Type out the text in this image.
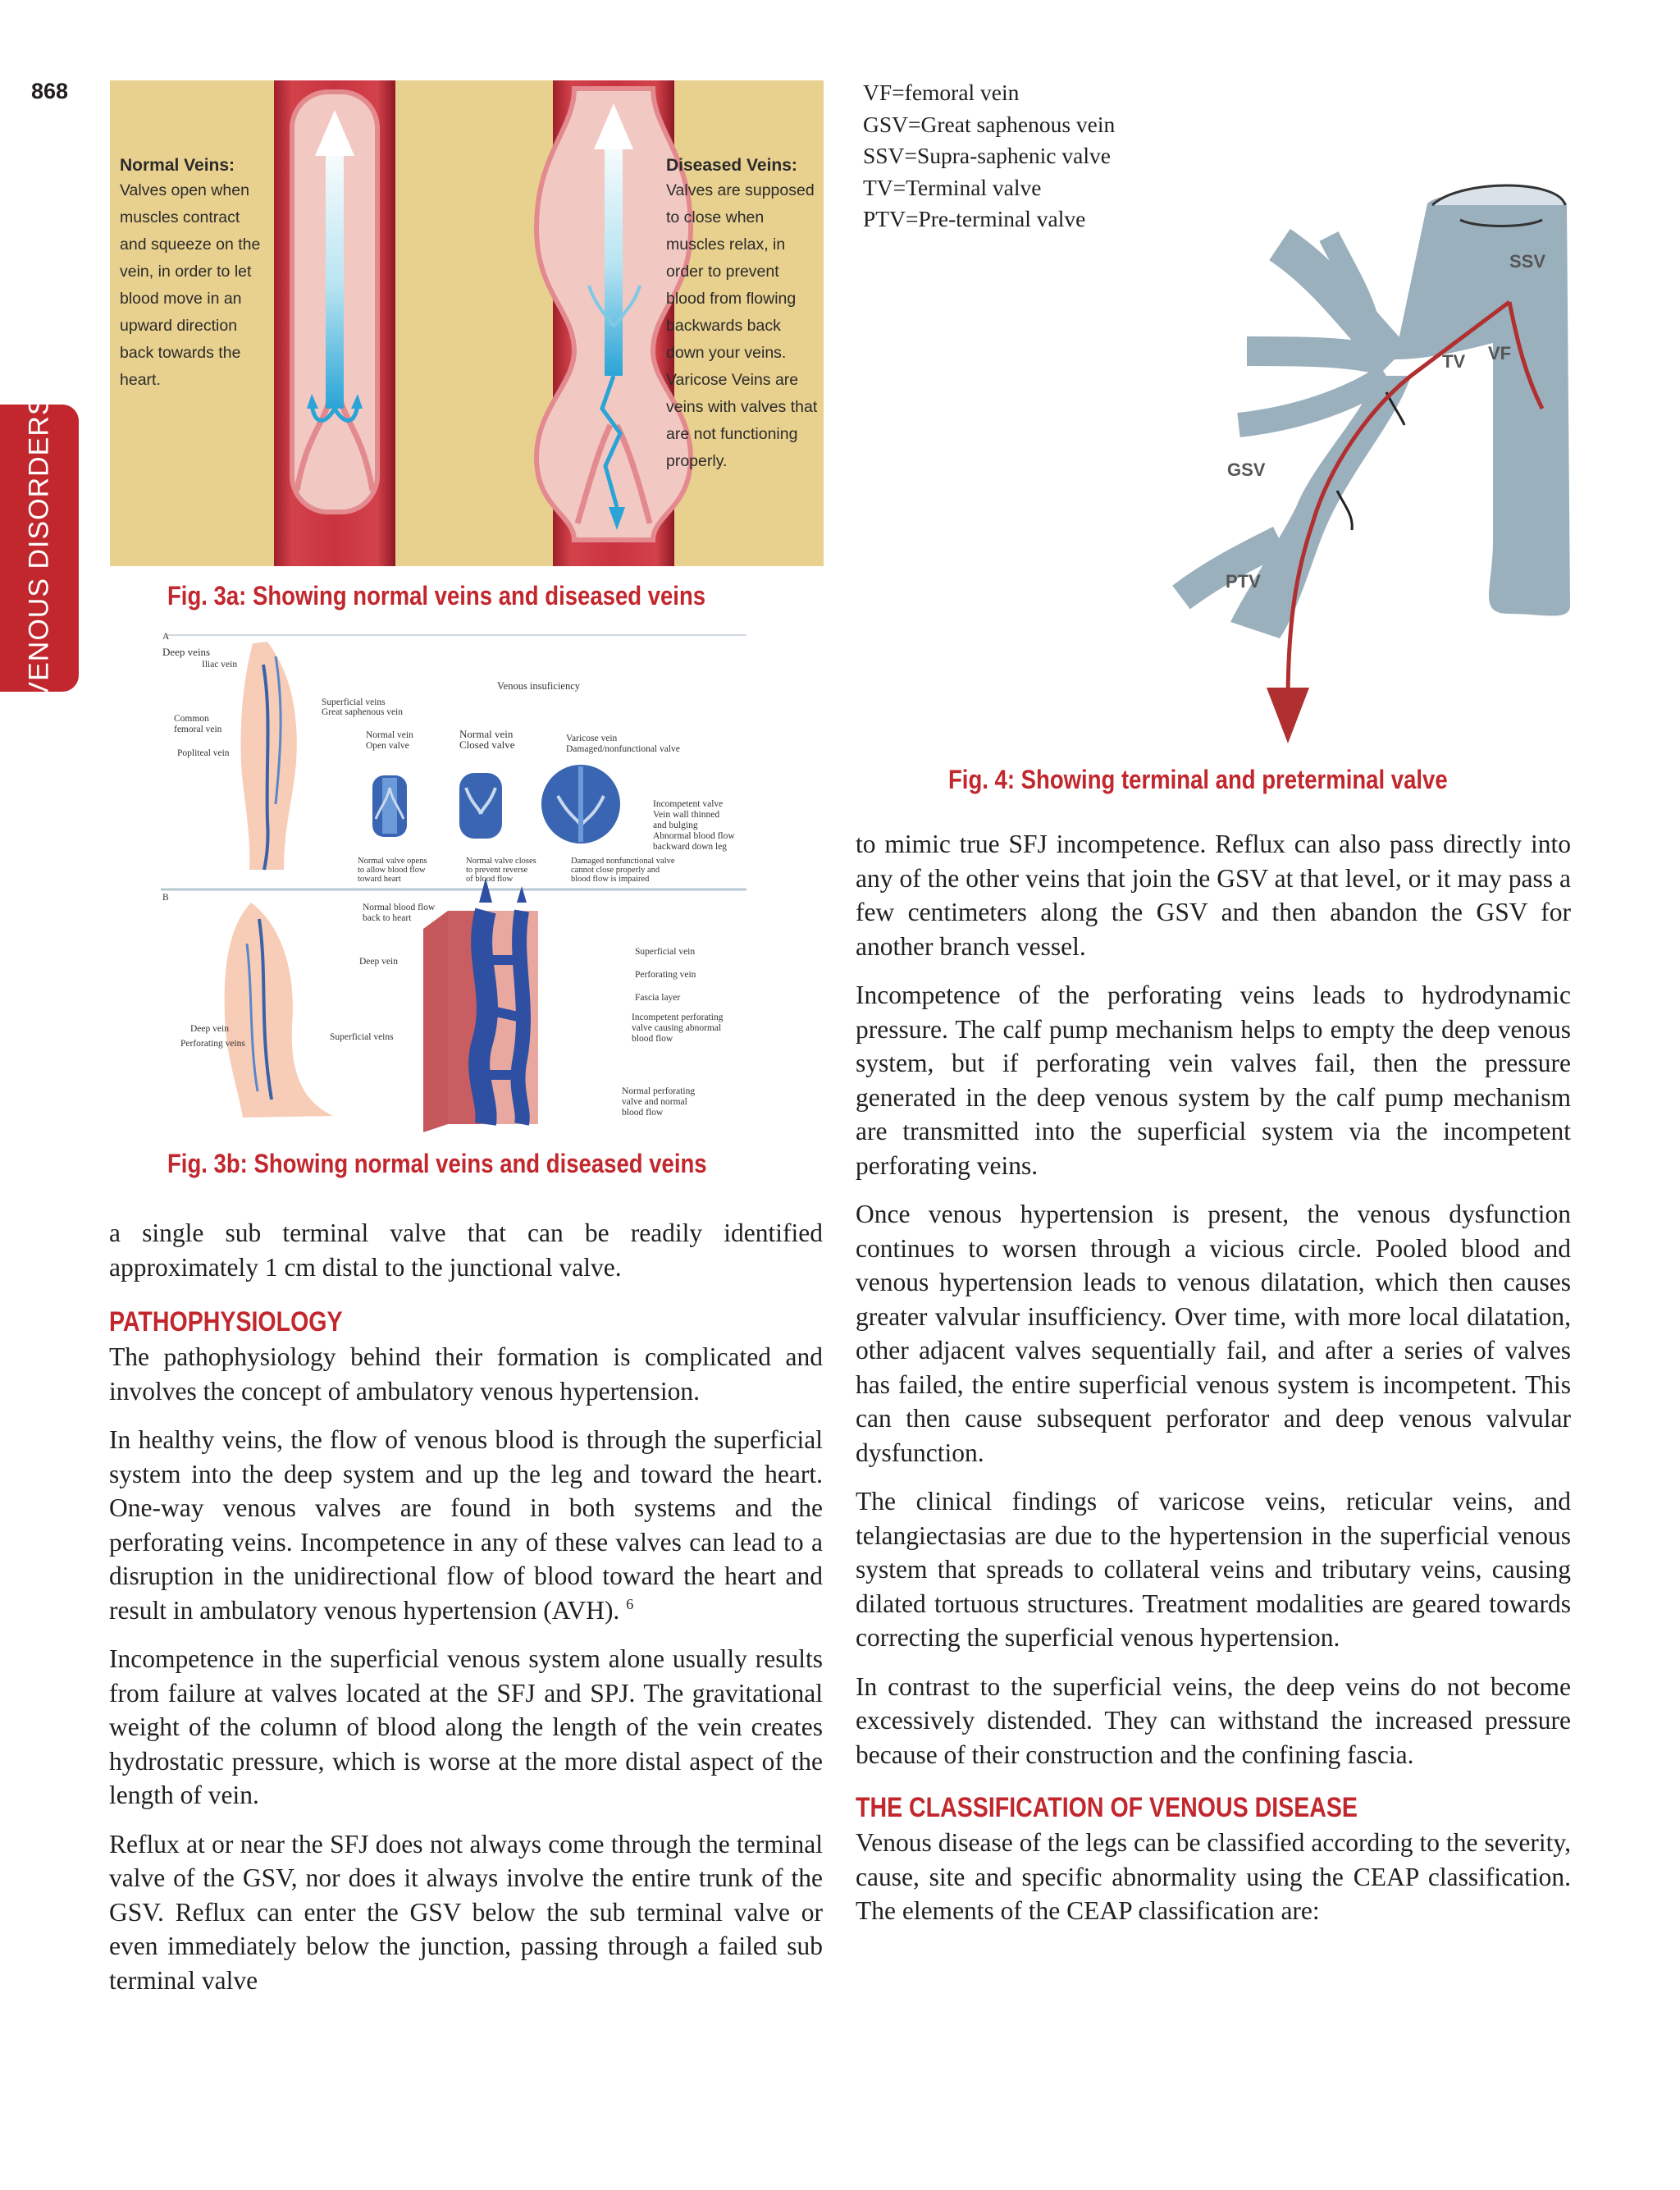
868
VENOUS DISORDERS
Normal Veins:
Valves open when
muscles contract
and squeeze on the
vein, in order to let
blood move in an
upward direction
back towards the
heart.
Diseased Veins:
Valves are supposed
to close when
muscles relax, in
order to prevent
blood from flowing
backwards back
down your veins.
Varicose Veins are
veins with valves that
are not functioning
properly.
Fig. 3a: Showing normal veins and diseased veins
A
Deep veins
Iliac vein
Venous insuficiency
Superficial veins
Great saphenous vein
Common
femoral vein
Normal vein
Open valve
Normal vein
Closed valve	Varicose vein
Damaged/nonfunctional valve
Popliteal vein
Incompetent valve
Vein wall thinned
and bulging
Abnormal blood flow
backward down leg
Normal valve opens
to allow blood flow
toward heart
Normal valve closes
to prevent reverse
of blood flow
Damaged nonfunctional valve
cannot close properly and
blood flow is impaired
B
Normal blood flow
back to heart
Deep vein
Superficial vein
Perforating vein
Fascia layer
Incompetent perforating
valve causing abnormal
blood flow
Deep vein
Superficial veins
Perforating veins
Normal perforating
valve and normal
blood flow
Fig. 3b: Showing normal veins and diseased veins
VF=femoral vein
GSV=Great saphenous vein
SSV=Supra-saphenic valve
TV=Terminal valve
PTV=Pre-terminal valve
SSV
TV VF
GSV
PTV
Fig. 4: Showing terminal and preterminal valve

a single sub terminal valve that can be readily identified approximately 1 cm distal to the junctional valve.

PATHOPHYSIOLOGY

The pathophysiology behind their formation is complicated and involves the concept of ambulatory venous hypertension.

In healthy veins, the flow of venous blood is through the superficial system into the deep system and up the leg and toward the heart. One-way venous valves are found in both systems and the perforating veins. Incompetence in any of these valves can lead to a disruption in the unidirectional flow of blood toward the heart and result in ambulatory venous hypertension (AVH). $^6$

Incompetence in the superficial venous system alone usually results from failure at valves located at the SFJ and SPJ. The gravitational weight of the column of blood along the length of the vein creates hydrostatic pressure, which is worse at the more distal aspect of the length of vein.

Reflux at or near the SFJ does not always come through the terminal valve of the GSV, nor does it always involve the entire trunk of the GSV. Reflux can enter the GSV below the sub terminal valve or even immediately below the junction, passing through a failed sub terminal valve

to mimic true SFJ incompetence. Reflux can also pass directly into any of the other veins that join the GSV at that level, or it may pass a few centimeters along the GSV and then abandon the GSV for another branch vessel.

Incompetence of the perforating veins leads to hydrodynamic pressure. The calf pump mechanism helps to empty the deep venous system, but if perforating vein valves fail, then the pressure generated in the deep venous system by the calf pump mechanism are transmitted into the superficial system via the incompetent perforating veins.

Once venous hypertension is present, the venous dysfunction continues to worsen through a vicious circle. Pooled blood and venous hypertension leads to venous dilatation, which then causes greater valvular insufficiency. Over time, with more local dilatation, other adjacent valves sequentially fail, and after a series of valves has failed, the entire superficial venous system is incompetent. This can then cause subsequent perforator and deep venous valvular dysfunction.

The clinical findings of varicose veins, reticular veins, and telangiectasias are due to the hypertension in the superficial venous system that spreads to collateral veins and tributary veins, causing dilated tortuous structures. Treatment modalities are geared towards correcting the superficial venous hypertension.

In contrast to the superficial veins, the deep veins do not become excessively distended. They can withstand the increased pressure because of their construction and the confining fascia.

THE CLASSIFICATION OF VENOUS DISEASE

Venous disease of the legs can be classified according to the severity, cause, site and specific abnormality using the CEAP classification. The elements of the CEAP classification are:
